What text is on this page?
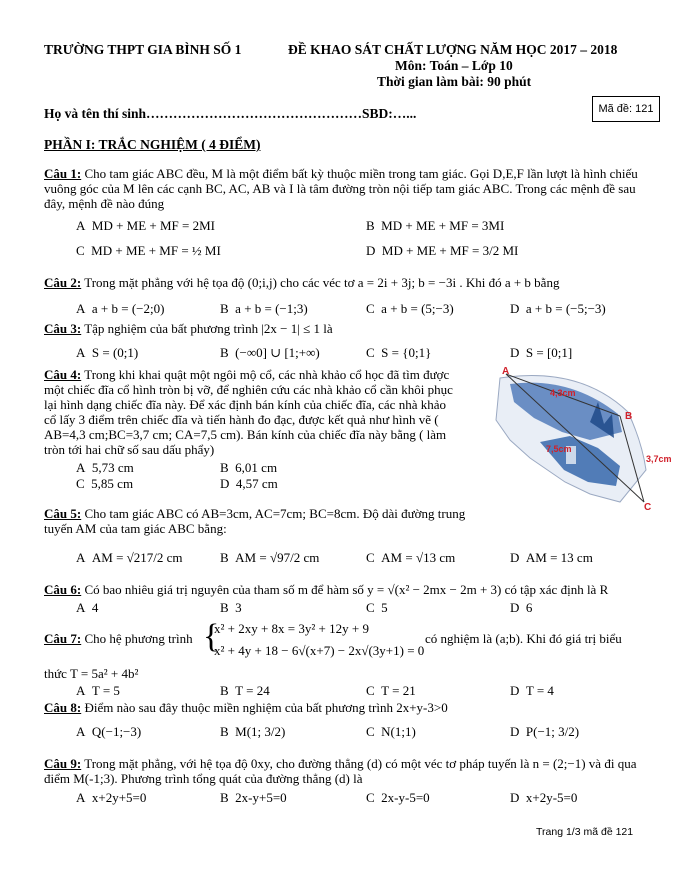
TRƯỜNG THPT GIA BÌNH SỐ 1	ĐỀ KHAO SÁT CHẤT LƯỢNG NĂM HỌC 2017 – 2018
Môn: Toán – Lớp 10
Thời gian làm bài: 90 phút
Họ và tên thí sinh…………………………………………SBD:…...	Mã đề: 121
PHẦN I: TRẮC NGHIỆM ( 4 ĐIỂM)
Câu 1: Cho tam giác ABC đều, M là một điểm bất kỳ thuộc miền trong tam giác. Gọi D,E,F lần lượt là hình chiếu vuông góc của M lên các cạnh BC, AC, AB và I là tâm đường tròn nội tiếp tam giác ABC. Trong các mệnh đề sau đây, mệnh đề nào đúng
A MD + ME + MF = 2MI	B MD + ME + MF = 3MI
C MD + ME + MF = ½ MI	D MD + ME + MF = 3/2 MI
Câu 2: Trong mặt phẳng với hệ tọa độ (0;i,j) cho các véc tơ a = 2i + 3j; b = −3i . Khi đó a + b bằng
A a + b = (−2;0)	B a + b = (−1;3)	C a + b = (5;−3)	D a + b = (−5;−3)
Câu 3: Tập nghiệm của bất phương trình |2x − 1| ≤ 1 là
A S = (0;1)	B (−∞0] ∪ [1;+∞)	C S = {0;1}	D S = [0;1]
Câu 4: Trong khi khai quật một ngôi mộ cổ, các nhà khảo cổ học đã tìm được một chiếc đĩa cổ hình tròn bị vỡ, để nghiên cứu các nhà khảo cổ cần khôi phục lại hình dạng chiếc đĩa này. Để xác định bán kính của chiếc đĩa, các nhà khảo cổ lấy 3 điểm trên chiếc đĩa và tiến hành đo đạc, được kết quả như hình vẽ ( AB=4,3 cm;BC=3,7 cm; CA=7,5 cm). Bán kính của chiếc đĩa này bằng ( làm tròn tới hai chữ số sau dấu phẩy)
A 5,73 cm	B 6,01 cm
C 5,85 cm	D 4,57 cm
A
B
C
4,3cm
3,7cm
7,5cm
Câu 5: Cho tam giác ABC có AB=3cm, AC=7cm; BC=8cm. Độ dài đường trung tuyến AM của tam giác ABC bằng:
A AM = √217/2 cm	B AM = √97/2 cm	C AM = √13 cm	D AM = 13 cm
Câu 6: Có bao nhiêu giá trị nguyên của tham số m để hàm số y = √(x² − 2mx − 2m + 3) có tập xác định là R
A 4	B 3	C 5	D 6
Câu 7: Cho hệ phương trình {
x² + 2xy + 8x = 3y² + 12y + 9
x² + 4y + 18 − 6√(x+7) − 2x√(3y+1) = 0
có nghiệm là (a;b). Khi đó giá trị biểu
thức T = 5a² + 4b²
A T = 5	B T = 24	C T = 21	D T = 4
Câu 8: Điểm nào sau đây thuộc miền nghiệm của bất phương trình 2x+y-3>0
A Q(−1;−3)	B M(1; 3/2)	C N(1;1)	D P(−1; 3/2)
Câu 9: Trong mặt phẳng, với hệ tọa độ 0xy, cho đường thẳng (d) có một véc tơ pháp tuyến là n = (2;−1) và đi qua điểm M(-1;3). Phương trình tổng quát của đường thẳng (d) là
A x+2y+5=0	B 2x-y+5=0	C 2x-y-5=0	D x+2y-5=0
Trang 1/3 mã đề 121
